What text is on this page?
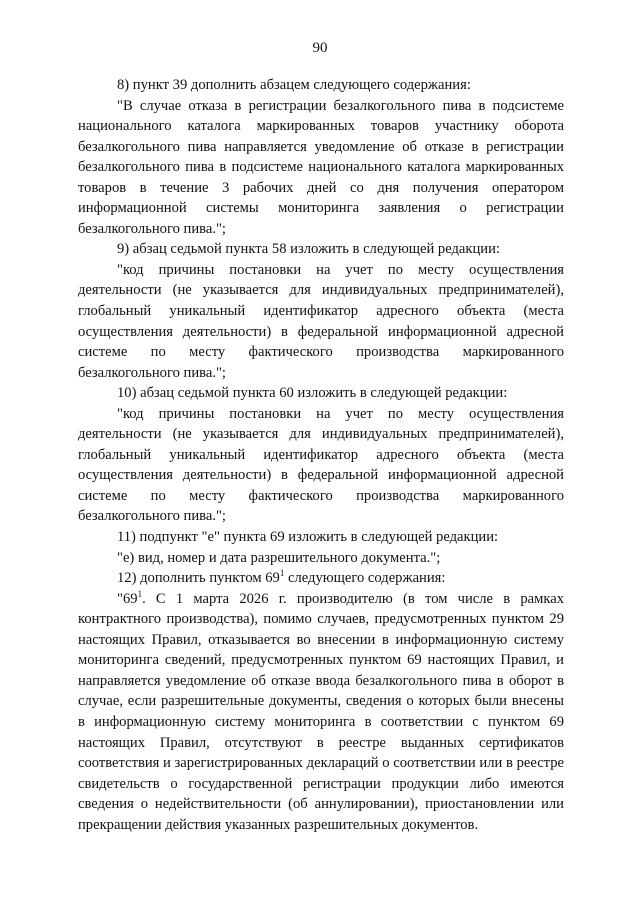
90

8) пункт 39 дополнить абзацем следующего содержания:

"В случае отказа в регистрации безалкогольного пива в подсистеме национального каталога маркированных товаров участнику оборота безалкогольного пива направляется уведомление об отказе в регистрации безалкогольного пива в подсистеме национального каталога маркированных товаров в течение 3 рабочих дней со дня получения оператором информационной системы мониторинга заявления о регистрации безалкогольного пива.";

9) абзац седьмой пункта 58 изложить в следующей редакции:

"код причины постановки на учет по месту осуществления деятельности (не указывается для индивидуальных предпринимателей), глобальный уникальный идентификатор адресного объекта (места осуществления деятельности) в федеральной информационной адресной системе по месту фактического производства маркированного безалкогольного пива.";

10) абзац седьмой пункта 60 изложить в следующей редакции:

"код причины постановки на учет по месту осуществления деятельности (не указывается для индивидуальных предпринимателей), глобальный уникальный идентификатор адресного объекта (места осуществления деятельности) в федеральной информационной адресной системе по месту фактического производства маркированного безалкогольного пива.";

11) подпункт "е" пункта 69 изложить в следующей редакции:

"е) вид, номер и дата разрешительного документа.";

12) дополнить пунктом $69^1$ следующего содержания:

"$69^1$. С 1 марта 2026 г. производителю (в том числе в рамках контрактного производства), помимо случаев, предусмотренных пунктом 29 настоящих Правил, отказывается во внесении в информационную систему мониторинга сведений, предусмотренных пунктом 69 настоящих Правил, и направляется уведомление об отказе ввода безалкогольного пива в оборот в случае, если разрешительные документы, сведения о которых были внесены в информационную систему мониторинга в соответствии с пунктом 69 настоящих Правил, отсутствуют в реестре выданных сертификатов соответствия и зарегистрированных деклараций о соответствии или в реестре свидетельств о государственной регистрации продукции либо имеются сведения о недействительности (об аннулировании), приостановлении или прекращении действия указанных разрешительных документов.
